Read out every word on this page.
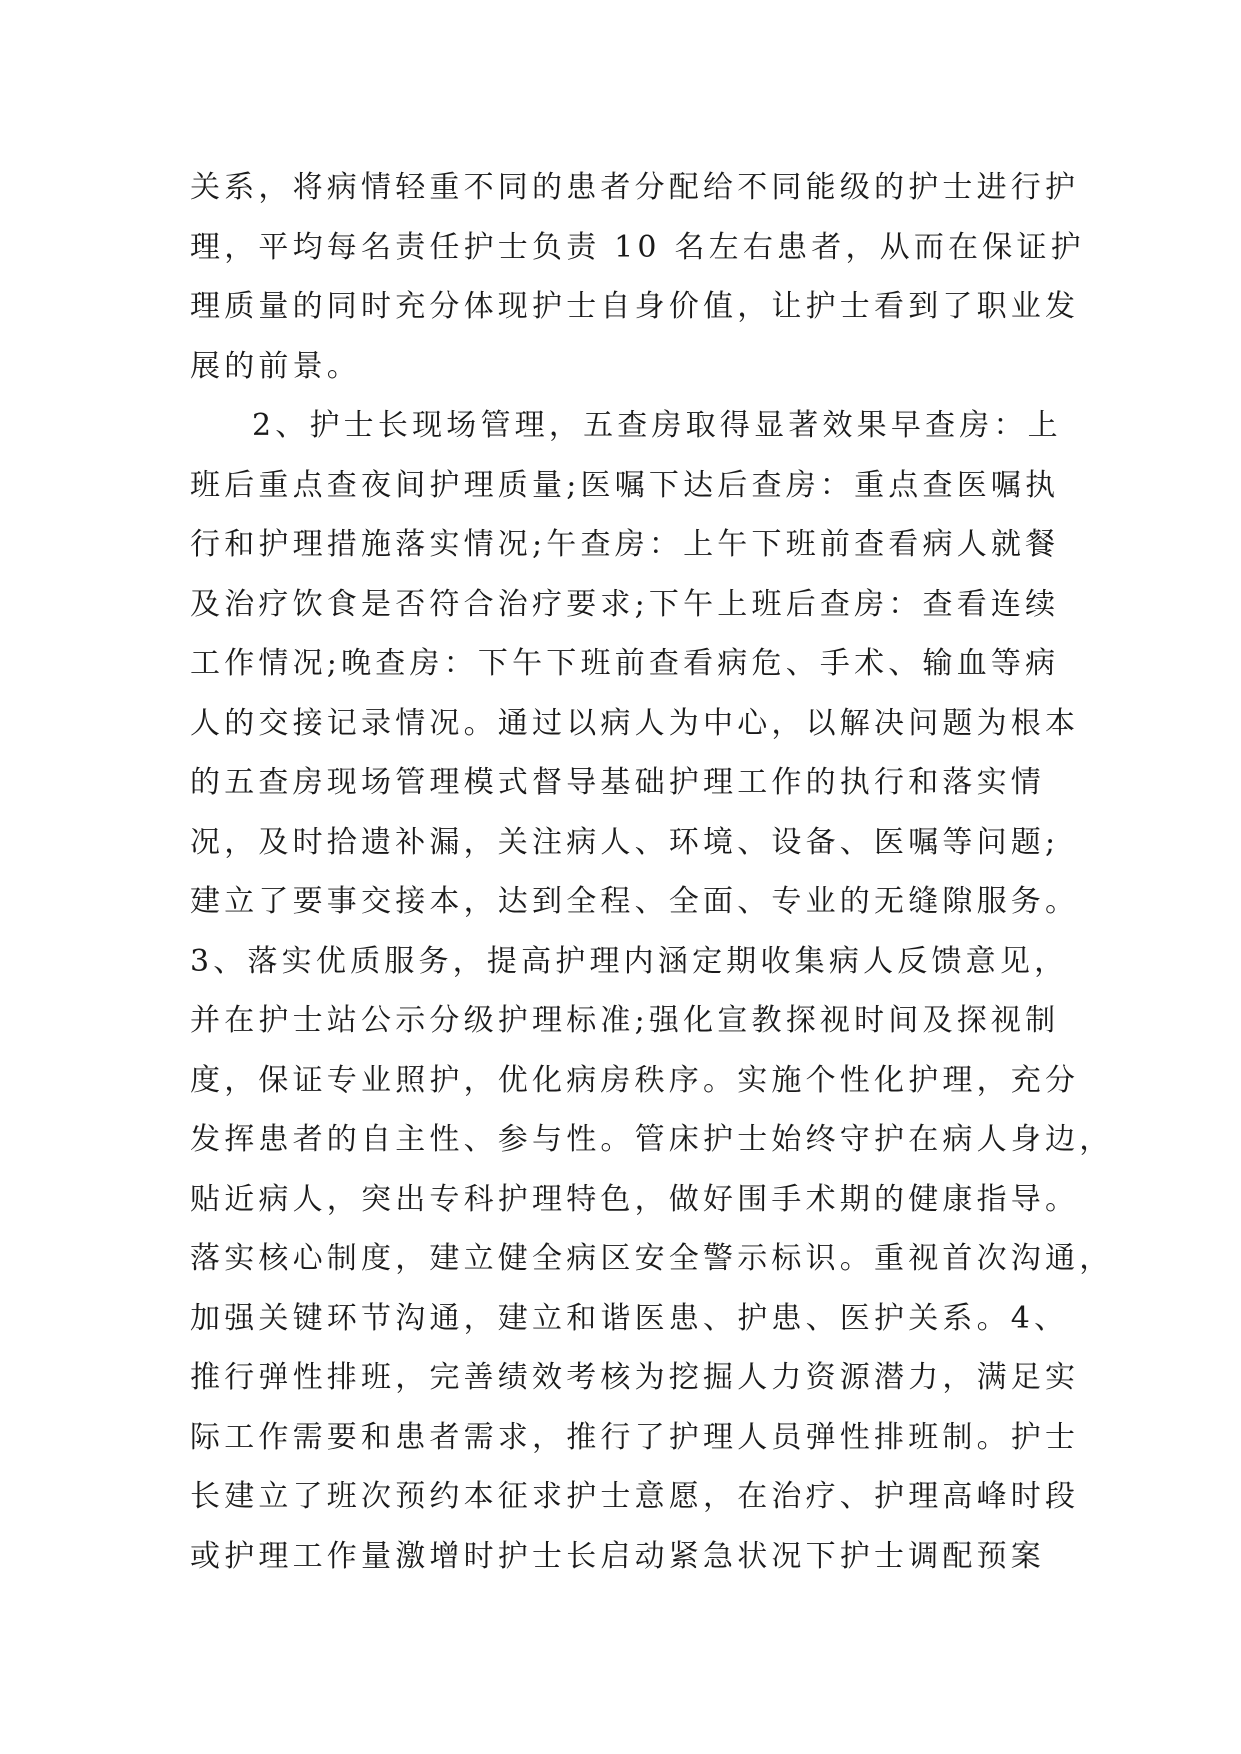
关系，将病情轻重不同的患者分配给不同能级的护士进行护
理，平均每名责任护士负责 10 名左右患者，从而在保证护
理质量的同时充分体现护士自身价值，让护士看到了职业发
展的前景。
2、护士长现场管理，五查房取得显著效果早查房：上
班后重点查夜间护理质量;医嘱下达后查房：重点查医嘱执
行和护理措施落实情况;午查房：上午下班前查看病人就餐
及治疗饮食是否符合治疗要求;下午上班后查房：查看连续
工作情况;晚查房：下午下班前查看病危、手术、输血等病
人的交接记录情况。通过以病人为中心，以解决问题为根本
的五查房现场管理模式督导基础护理工作的执行和落实情
况，及时拾遗补漏，关注病人、环境、设备、医嘱等问题;
建立了要事交接本，达到全程、全面、专业的无缝隙服务。
3、落实优质服务，提高护理内涵定期收集病人反馈意见，
并在护士站公示分级护理标准;强化宣教探视时间及探视制
度，保证专业照护，优化病房秩序。实施个性化护理，充分
发挥患者的自主性、参与性。管床护士始终守护在病人身边，
贴近病人，突出专科护理特色，做好围手术期的健康指导。
落实核心制度，建立健全病区安全警示标识。重视首次沟通，
加强关键环节沟通，建立和谐医患、护患、医护关系。4、
推行弹性排班，完善绩效考核为挖掘人力资源潜力，满足实
际工作需要和患者需求，推行了护理人员弹性排班制。护士
长建立了班次预约本征求护士意愿，在治疗、护理高峰时段
或护理工作量激增时护士长启动紧急状况下护士调配预案
